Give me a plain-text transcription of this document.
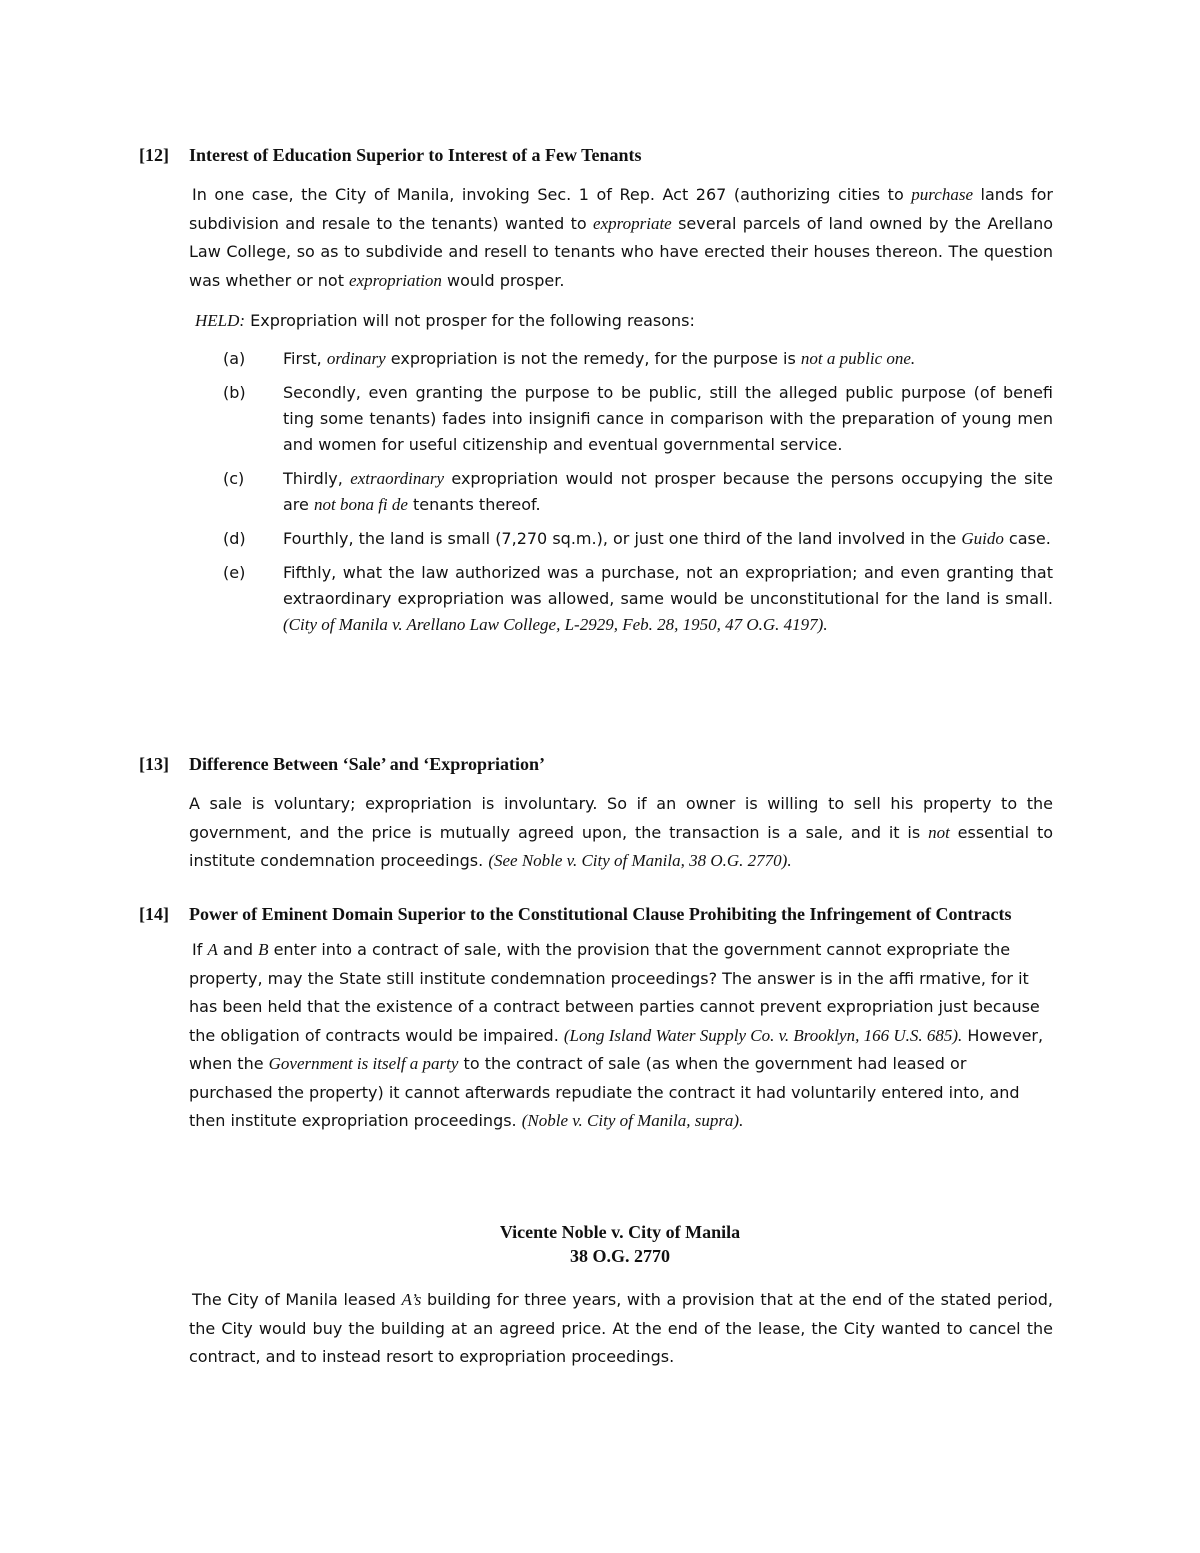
[12]	Interest of Education Superior to Interest of a Few Tenants

In one case, the City of Manila, invoking Sec. 1 of Rep. Act 267 (authorizing cities to purchase lands for subdivision and resale to the tenants) wanted to expropriate several parcels of land owned by the Arellano Law College, so as to subdivide and resell to tenants who have erected their houses thereon. The question was whether or not expropriation would prosper.

HELD: Expropriation will not prosper for the following reasons:

(a)	First, ordinary expropriation is not the remedy, for the purpose is not a public one.
(b)	Secondly, even granting the purpose to be public, still the alleged public purpose (of benefi ting some tenants) fades into insignifi cance in comparison with the preparation of young men and women for useful citizenship and eventual governmental service.
(c)	Thirdly, extraordinary expropriation would not prosper because the persons occupying the site are not bona fi de tenants thereof.
(d)	Fourthly, the land is small (7,270 sq.m.), or just one third of the land involved in the Guido case.
(e)	Fifthly, what the law authorized was a purchase, not an expropriation; and even granting that extraordinary expropriation was allowed, same would be unconstitutional for the land is small. (City of Manila v. Arellano Law College, L-2929, Feb. 28, 1950, 47 O.G. 4197).
[13]	Difference Between ‘Sale’ and ‘Expropriation’

A sale is voluntary; expropriation is involuntary. So if an owner is willing to sell his property to the government, and the price is mutually agreed upon, the transaction is a sale, and it is not essential to institute condemnation proceedings. (See Noble v. City of Manila, 38 O.G. 2770).

[14]	Power of Eminent Domain Superior to the Constitutional Clause Prohibiting the Infringement of Contracts

If A and B enter into a contract of sale, with the provision that the government cannot expropriate the property, may the State still institute condemnation proceedings? The answer is in the affi rmative, for it has been held that the existence of a contract between parties cannot prevent expropriation just because the obligation of contracts would be impaired. (Long Island Water Supply Co. v. Brooklyn, 166 U.S. 685). However, when the Government is itself a party to the contract of sale (as when the government had leased or purchased the property) it cannot afterwards repudiate the contract it had voluntarily entered into, and then institute expropriation proceedings. (Noble v. City of Manila, supra).

Vicente Noble v. City of Manila
38 O.G. 2770

The City of Manila leased A’s building for three years, with a provision that at the end of the stated period, the City would buy the building at an agreed price. At the end of the lease, the City wanted to cancel the contract, and to instead resort to expropriation proceedings.
